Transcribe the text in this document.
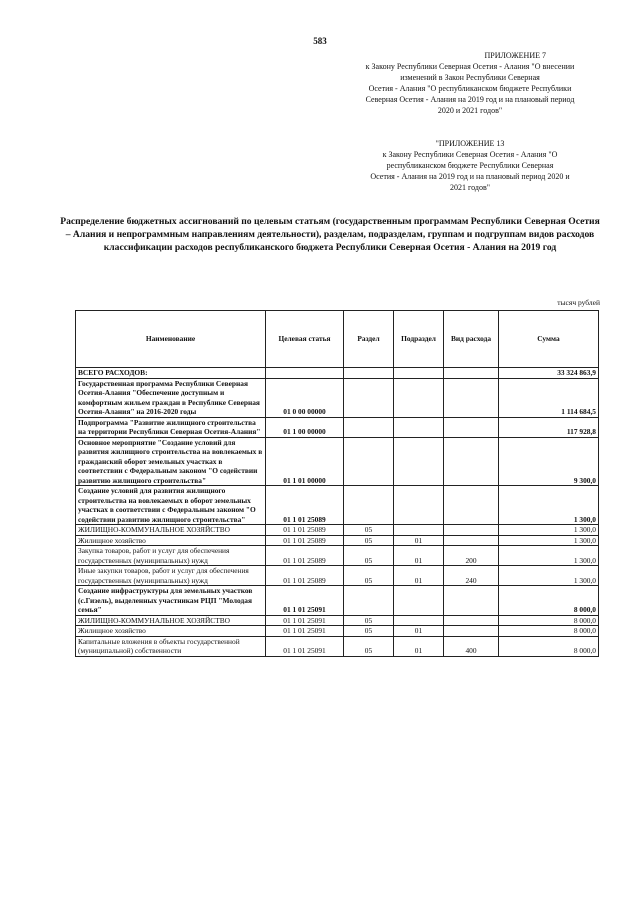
583
ПРИЛОЖЕНИЕ 7
к Закону Республики Северная Осетия - Алания "О внесении
изменений в Закон Республики Северная
Осетия - Алания "О республиканском бюджете Республики
Северная Осетия - Алания на 2019 год и на плановый период
2020 и 2021 годов"
"ПРИЛОЖЕНИЕ 13
к Закону Республики Северная Осетия - Алания "О
республиканском бюджете Республики Северная
Осетия - Алания на 2019 год и на плановый период 2020 и
2021 годов"
Распределение бюджетных ассигнований по целевым статьям (государственным программам Республики Северная Осетия – Алания и непрограммным направлениям деятельности), разделам, подразделам, группам и подгруппам видов расходов классификации расходов республиканского бюджета Республики Северная Осетия - Алания на 2019 год
тысяч рублей
Наименование	Целевая статья	Раздел	Подраздел	Вид расхода	Сумма
ВСЕГО РАСХОДОВ:					33 324 863,9
Государственная программа Республики Северная Осетия-Алания "Обеспечение доступным и комфортным жильем граждан в Республике Северная Осетия-Алания" на 2016-2020 годы	01 0 00 00000				1 114 684,5
Подпрограмма "Развитие жилищного строительства на территории Республики Северная Осетия-Алания"	01 1 00 00000				117 928,8
Основное мероприятие "Создание условий для развития жилищного строительства на вовлекаемых в гражданский оборот земельных участках в соответствии с Федеральным законом "О содействии развитию жилищного строительства"	01 1 01 00000				9 300,0
Создание условий для развития жилищного строительства на вовлекаемых в оборот земельных участках в соответствии с Федеральным законом "О содействии развитию жилищного строительства"	01 1 01 25089				1 300,0
ЖИЛИЩНО-КОММУНАЛЬНОЕ ХОЗЯЙСТВО	01 1 01 25089	05			1 300,0
Жилищное хозяйство	01 1 01 25089	05	01		1 300,0
Закупка товаров, работ и услуг для обеспечения государственных (муниципальных) нужд	01 1 01 25089	05	01	200	1 300,0
Иные закупки товаров, работ и услуг для обеспечения государственных (муниципальных) нужд	01 1 01 25089	05	01	240	1 300,0
Создание инфраструктуры для земельных участков (с.Гизель), выделенных участникам РЦП "Молодая семья"	01 1 01 25091				8 000,0
ЖИЛИЩНО-КОММУНАЛЬНОЕ ХОЗЯЙСТВО	01 1 01 25091	05			8 000,0
Жилищное хозяйство	01 1 01 25091	05	01		8 000,0
Капитальные вложения в объекты государственной (муниципальной) собственности	01 1 01 25091	05	01	400	8 000,0
